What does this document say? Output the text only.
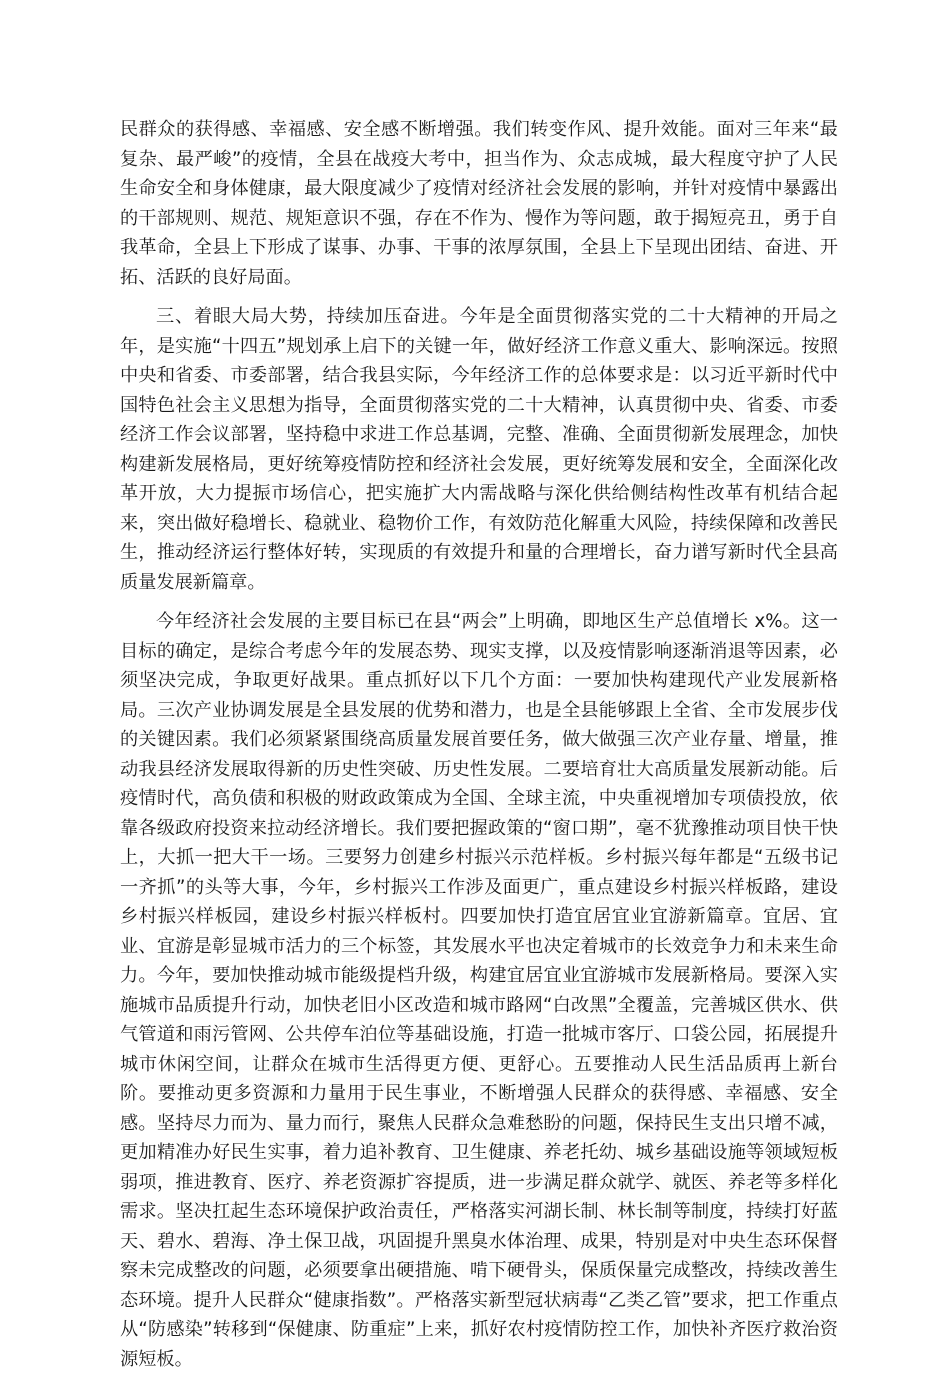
民群众的获得感、幸福感、安全感不断增强。我们转变作风、提升效能。面对三年来“最复杂、最严峻”的疫情，全县在战疫大考中，担当作为、众志成城，最大程度守护了人民生命安全和身体健康，最大限度减少了疫情对经济社会发展的影响，并针对疫情中暴露出的干部规则、规范、规矩意识不强，存在不作为、慢作为等问题，敢于揭短亮丑，勇于自我革命，全县上下形成了谋事、办事、干事的浓厚氛围，全县上下呈现出团结、奋进、开拓、活跃的良好局面。

三、着眼大局大势，持续加压奋进。今年是全面贯彻落实党的二十大精神的开局之年，是实施“十四五”规划承上启下的关键一年，做好经济工作意义重大、影响深远。按照中央和省委、市委部署，结合我县实际，今年经济工作的总体要求是：以习近平新时代中国特色社会主义思想为指导，全面贯彻落实党的二十大精神，认真贯彻中央、省委、市委经济工作会议部署，坚持稳中求进工作总基调，完整、准确、全面贯彻新发展理念，加快构建新发展格局，更好统筹疫情防控和经济社会发展，更好统筹发展和安全，全面深化改革开放，大力提振市场信心，把实施扩大内需战略与深化供给侧结构性改革有机结合起来，突出做好稳增长、稳就业、稳物价工作，有效防范化解重大风险，持续保障和改善民生，推动经济运行整体好转，实现质的有效提升和量的合理增长，奋力谱写新时代全县高质量发展新篇章。

今年经济社会发展的主要目标已在县“两会”上明确，即地区生产总值增长 x%。这一目标的确定，是综合考虑今年的发展态势、现实支撑，以及疫情影响逐渐消退等因素，必须坚决完成，争取更好战果。重点抓好以下几个方面：一要加快构建现代产业发展新格局。三次产业协调发展是全县发展的优势和潜力，也是全县能够跟上全省、全市发展步伐的关键因素。我们必须紧紧围绕高质量发展首要任务，做大做强三次产业存量、增量，推动我县经济发展取得新的历史性突破、历史性发展。二要培育壮大高质量发展新动能。后疫情时代，高负债和积极的财政政策成为全国、全球主流，中央重视增加专项债投放，依靠各级政府投资来拉动经济增长。我们要把握政策的“窗口期”，毫不犹豫推动项目快干快上，大抓一把大干一场。三要努力创建乡村振兴示范样板。乡村振兴每年都是“五级书记一齐抓”的头等大事，今年，乡村振兴工作涉及面更广，重点建设乡村振兴样板路，建设乡村振兴样板园，建设乡村振兴样板村。四要加快打造宜居宜业宜游新篇章。宜居、宜业、宜游是彰显城市活力的三个标签，其发展水平也决定着城市的长效竞争力和未来生命力。今年，要加快推动城市能级提档升级，构建宜居宜业宜游城市发展新格局。要深入实施城市品质提升行动，加快老旧小区改造和城市路网“白改黑”全覆盖，完善城区供水、供气管道和雨污管网、公共停车泊位等基础设施，打造一批城市客厅、口袋公园，拓展提升城市休闲空间，让群众在城市生活得更方便、更舒心。五要推动人民生活品质再上新台阶。要推动更多资源和力量用于民生事业，不断增强人民群众的获得感、幸福感、安全感。坚持尽力而为、量力而行，聚焦人民群众急难愁盼的问题，保持民生支出只增不减，更加精准办好民生实事，着力追补教育、卫生健康、养老托幼、城乡基础设施等领域短板弱项，推进教育、医疗、养老资源扩容提质，进一步满足群众就学、就医、养老等多样化需求。坚决扛起生态环境保护政治责任，严格落实河湖长制、林长制等制度，持续打好蓝天、碧水、碧海、净土保卫战，巩固提升黑臭水体治理、成果，特别是对中央生态环保督察未完成整改的问题，必须要拿出硬措施、啃下硬骨头，保质保量完成整改，持续改善生态环境。提升人民群众“健康指数”。严格落实新型冠状病毒“乙类乙管”要求，把工作重点从“防感染”转移到“保健康、防重症”上来，抓好农村疫情防控工作，加快补齐医疗救治资源短板。
